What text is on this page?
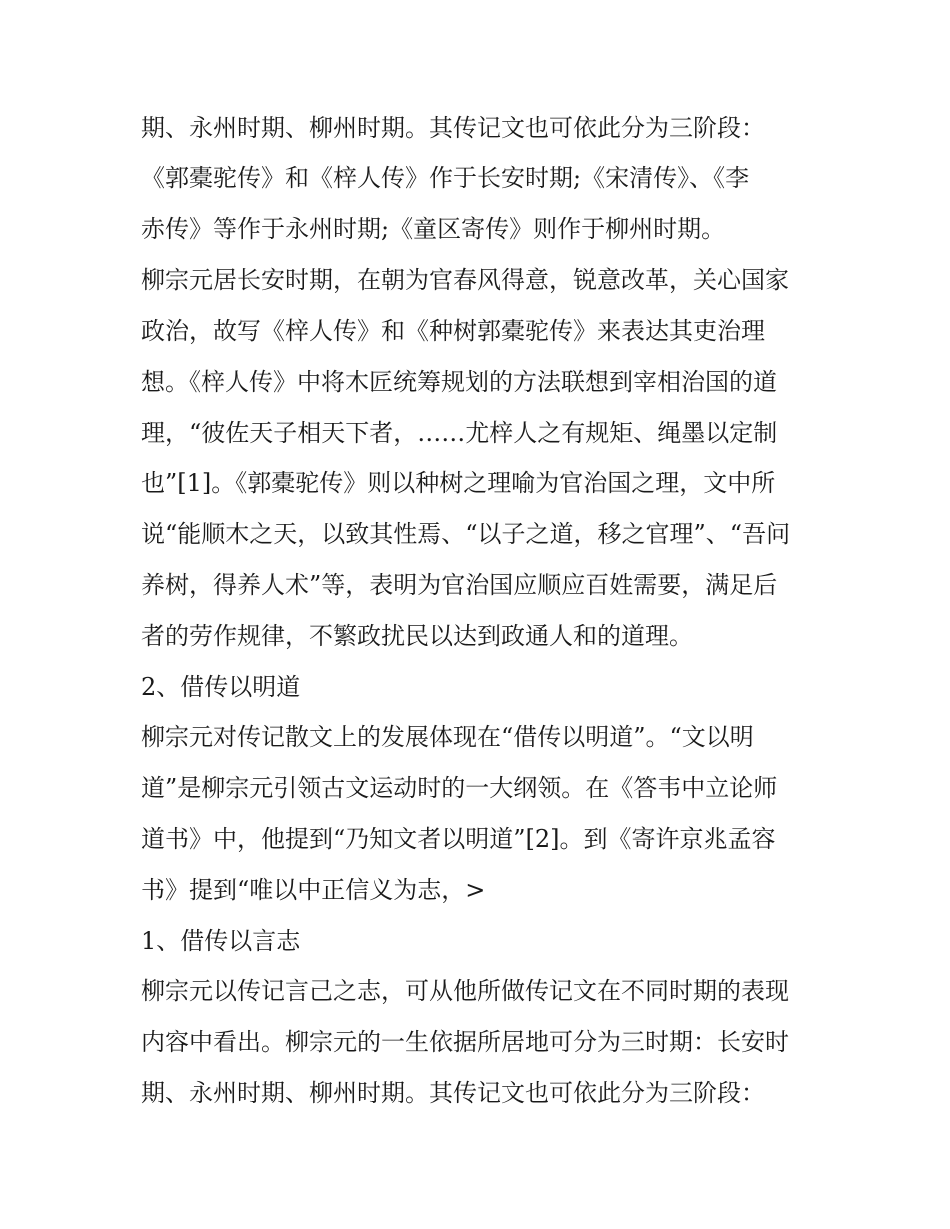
期、永州时期、柳州时期。其传记文也可依此分为三阶段：
《郭橐驼传》和《梓人传》作于长安时期;《宋清传》、《李
赤传》等作于永州时期;《童区寄传》则作于柳州时期。
柳宗元居长安时期，在朝为官春风得意，锐意改革，关心国家
政治，故写《梓人传》和《种树郭橐驼传》来表达其吏治理
想。《梓人传》中将木匠统筹规划的方法联想到宰相治国的道
理，“彼佐天子相天下者，……尤梓人之有规矩、绳墨以定制
也”[1]。《郭橐驼传》则以种树之理喻为官治国之理，文中所
说“能顺木之天，以致其性焉、“以子之道，移之官理”、“吾问
养树，得养人术”等，表明为官治国应顺应百姓需要，满足后
者的劳作规律，不繁政扰民以达到政通人和的道理。
2、借传以明道
柳宗元对传记散文上的发展体现在“借传以明道”。“文以明
道”是柳宗元引领古文运动时的一大纲领。在《答韦中立论师
道书》中，他提到“乃知文者以明道”[2]。到《寄许京兆孟容
书》提到“唯以中正信义为志，>
1、借传以言志
柳宗元以传记言己之志，可从他所做传记文在不同时期的表现
内容中看出。柳宗元的一生依据所居地可分为三时期：长安时
期、永州时期、柳州时期。其传记文也可依此分为三阶段：
